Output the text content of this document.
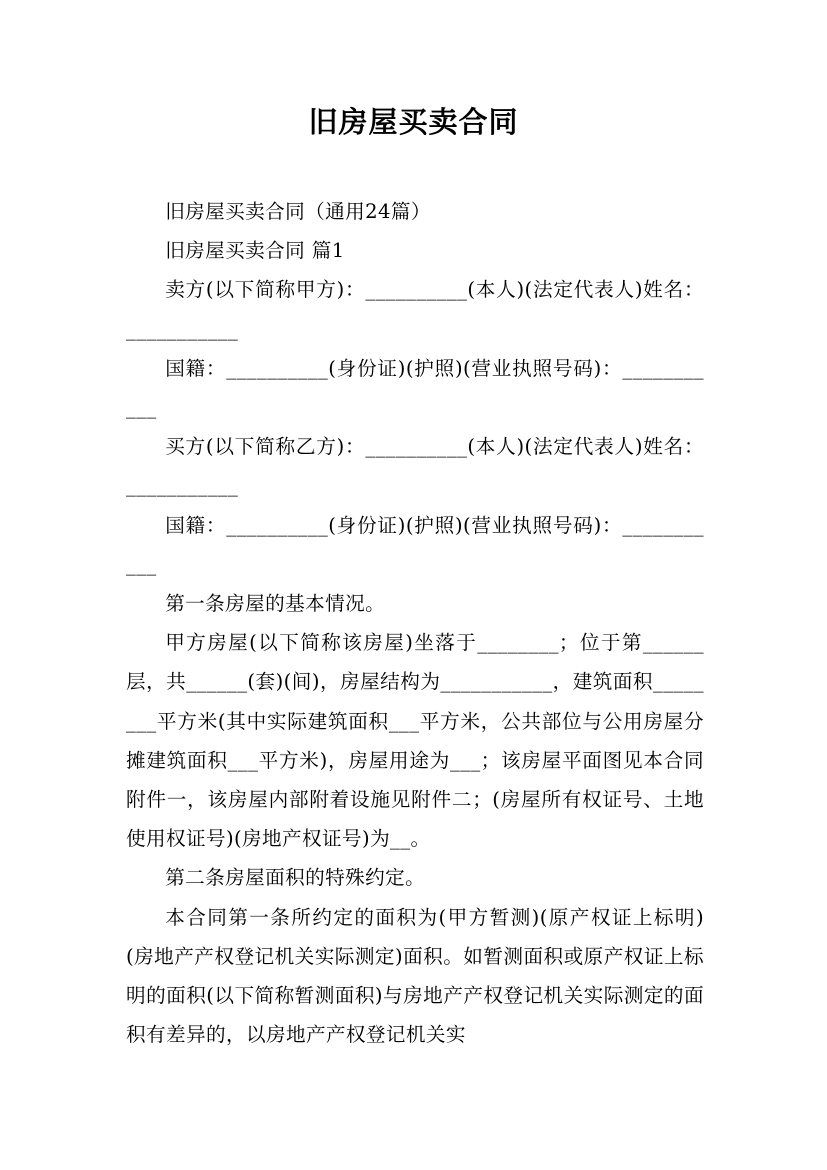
旧房屋买卖合同

旧房屋买卖合同（通用24篇）

旧房屋买卖合同 篇1

卖方(以下简称甲方)：__________(本人)(法定代表人)姓名：___________

国籍：__________(身份证)(护照)(营业执照号码)：___________

买方(以下简称乙方)：__________(本人)(法定代表人)姓名：___________

国籍：__________(身份证)(护照)(营业执照号码)：___________

第一条房屋的基本情况。

甲方房屋(以下简称该房屋)坐落于________；位于第______层，共______(套)(间)，房屋结构为___________，建筑面积________平方米(其中实际建筑面积___平方米，公共部位与公用房屋分摊建筑面积___平方米)，房屋用途为___；该房屋平面图见本合同附件一，该房屋内部附着设施见附件二；(房屋所有权证号、土地使用权证号)(房地产权证号)为__。

第二条房屋面积的特殊约定。

本合同第一条所约定的面积为(甲方暂测)(原产权证上标明)(房地产产权登记机关实际测定)面积。如暂测面积或原产权证上标明的面积(以下简称暂测面积)与房地产产权登记机关实际测定的面积有差异的，以房地产产权登记机关实
